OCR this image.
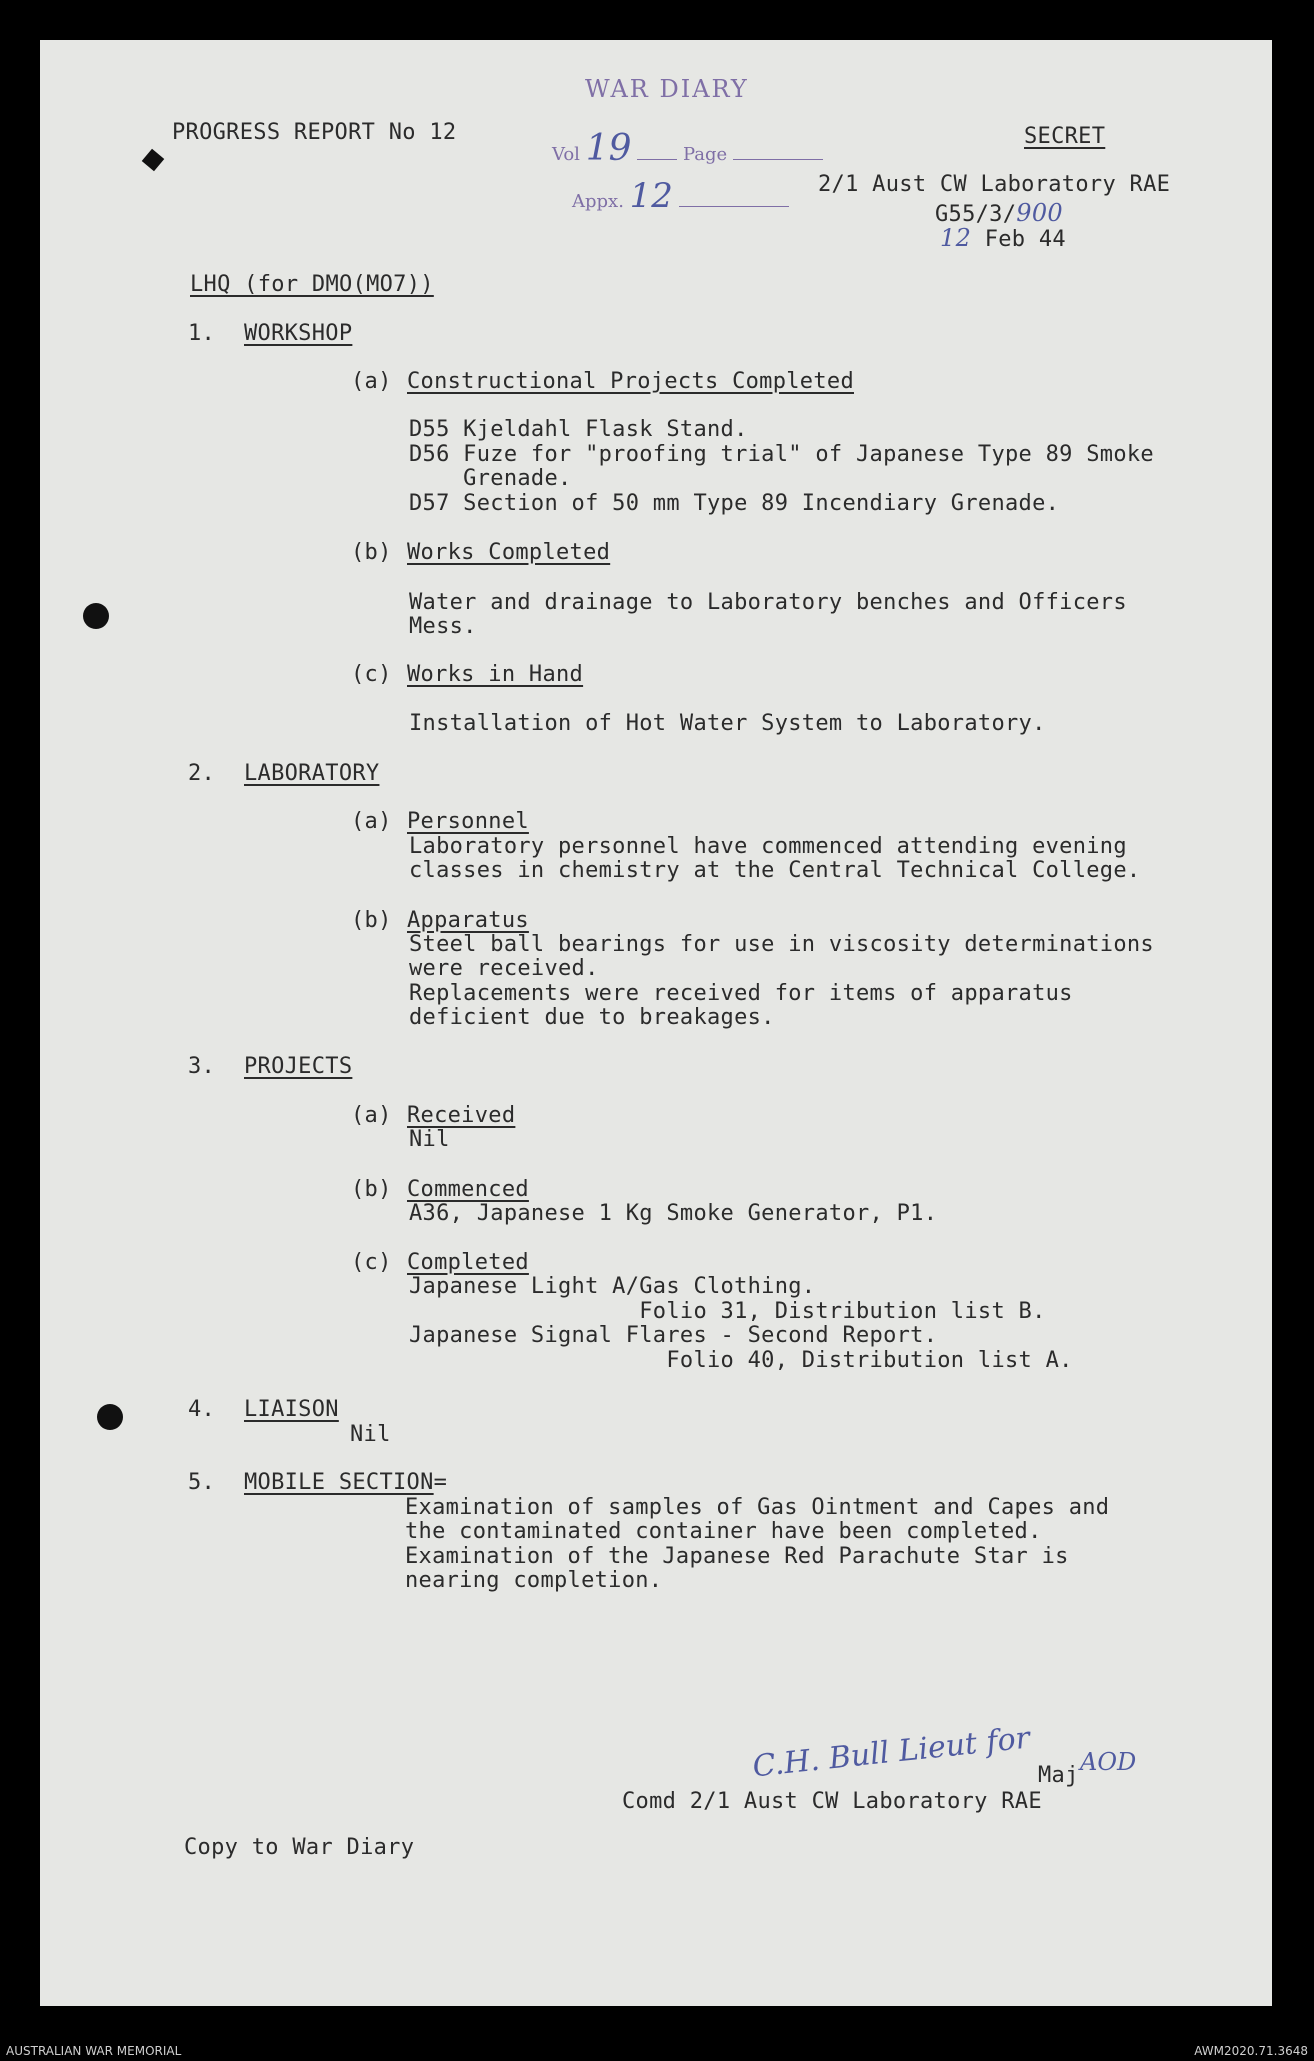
PROGRESS REPORT No 12	SECRET
2/1 Aust CW Laboratory RAE
G55/3/900
12 Feb 44
WAR DIARY
Vol 19	Page
Appx. 12
LHQ (for DMO(MO7))
1. WORKSHOP
(a) Constructional Projects Completed
D55 Kjeldahl Flask Stand.
D56 Fuze for "proofing trial" of Japanese Type 89 Smoke
Grenade.
D57 Section of 50 mm Type 89 Incendiary Grenade.
(b) Works Completed
Water and drainage to Laboratory benches and Officers
Mess.
(c) Works in Hand
Installation of Hot Water System to Laboratory.
2. LABORATORY
(a) Personnel
Laboratory personnel have commenced attending evening
classes in chemistry at the Central Technical College.
(b) Apparatus
Steel ball bearings for use in viscosity determinations
were received.
Replacements were received for items of apparatus
deficient due to breakages.
3. PROJECTS
(a) Received
Nil
(b) Commenced
A36, Japanese 1 Kg Smoke Generator, P1.
(c) Completed
Japanese Light A/Gas Clothing.
Folio 31, Distribution list B.
Japanese Signal Flares - Second Report.
Folio 40, Distribution list A.
4. LIAISON
Nil
5. MOBILE SECTION=
Examination of samples of Gas Ointment and Capes and
the contaminated container have been completed.
Examination of the Japanese Red Parachute Star is
nearing completion.
C.H. Bull Lieut for Maj AOD
Comd 2/1 Aust CW Laboratory RAE
Copy to War Diary
AUSTRALIAN WAR MEMORIAL	AWM2020.71.3648
